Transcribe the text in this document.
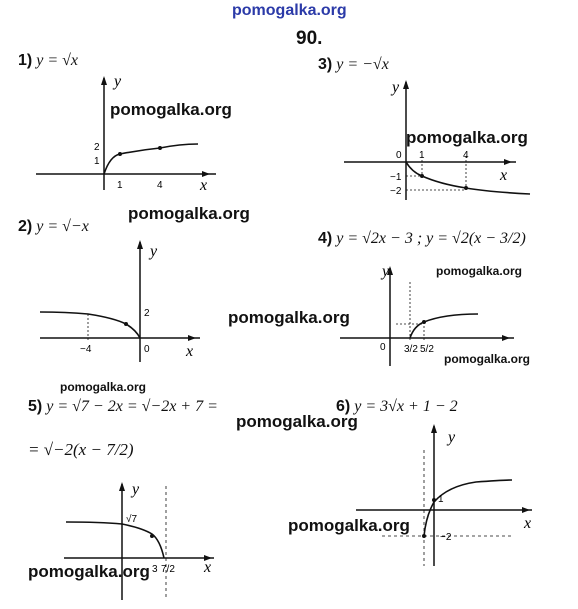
pomogalka.org
90.
1) y = √x	3) y = −√x
2) y = √−x
4) y = √2x − 3 ; y = √2(x − 3/2)
5) y = √7 − 2x = √−2x + 7 =
= √−2(x − 7/2)
6) y = 3√x + 1 − 2
y
x
1	4
1
2
y
x
−4	0
2
y
x
0 1	4
−1
−2
y
0 3/2 5/2
y
x
√7
3 7/2
y
x
1
−2
pomogalka.org
pomogalka.org
pomogalka.org
pomogalka.org
pomogalka.org
pomogalka.org
pomogalka.org
pomogalka.org
pomogalka.org
pomogalka.org
